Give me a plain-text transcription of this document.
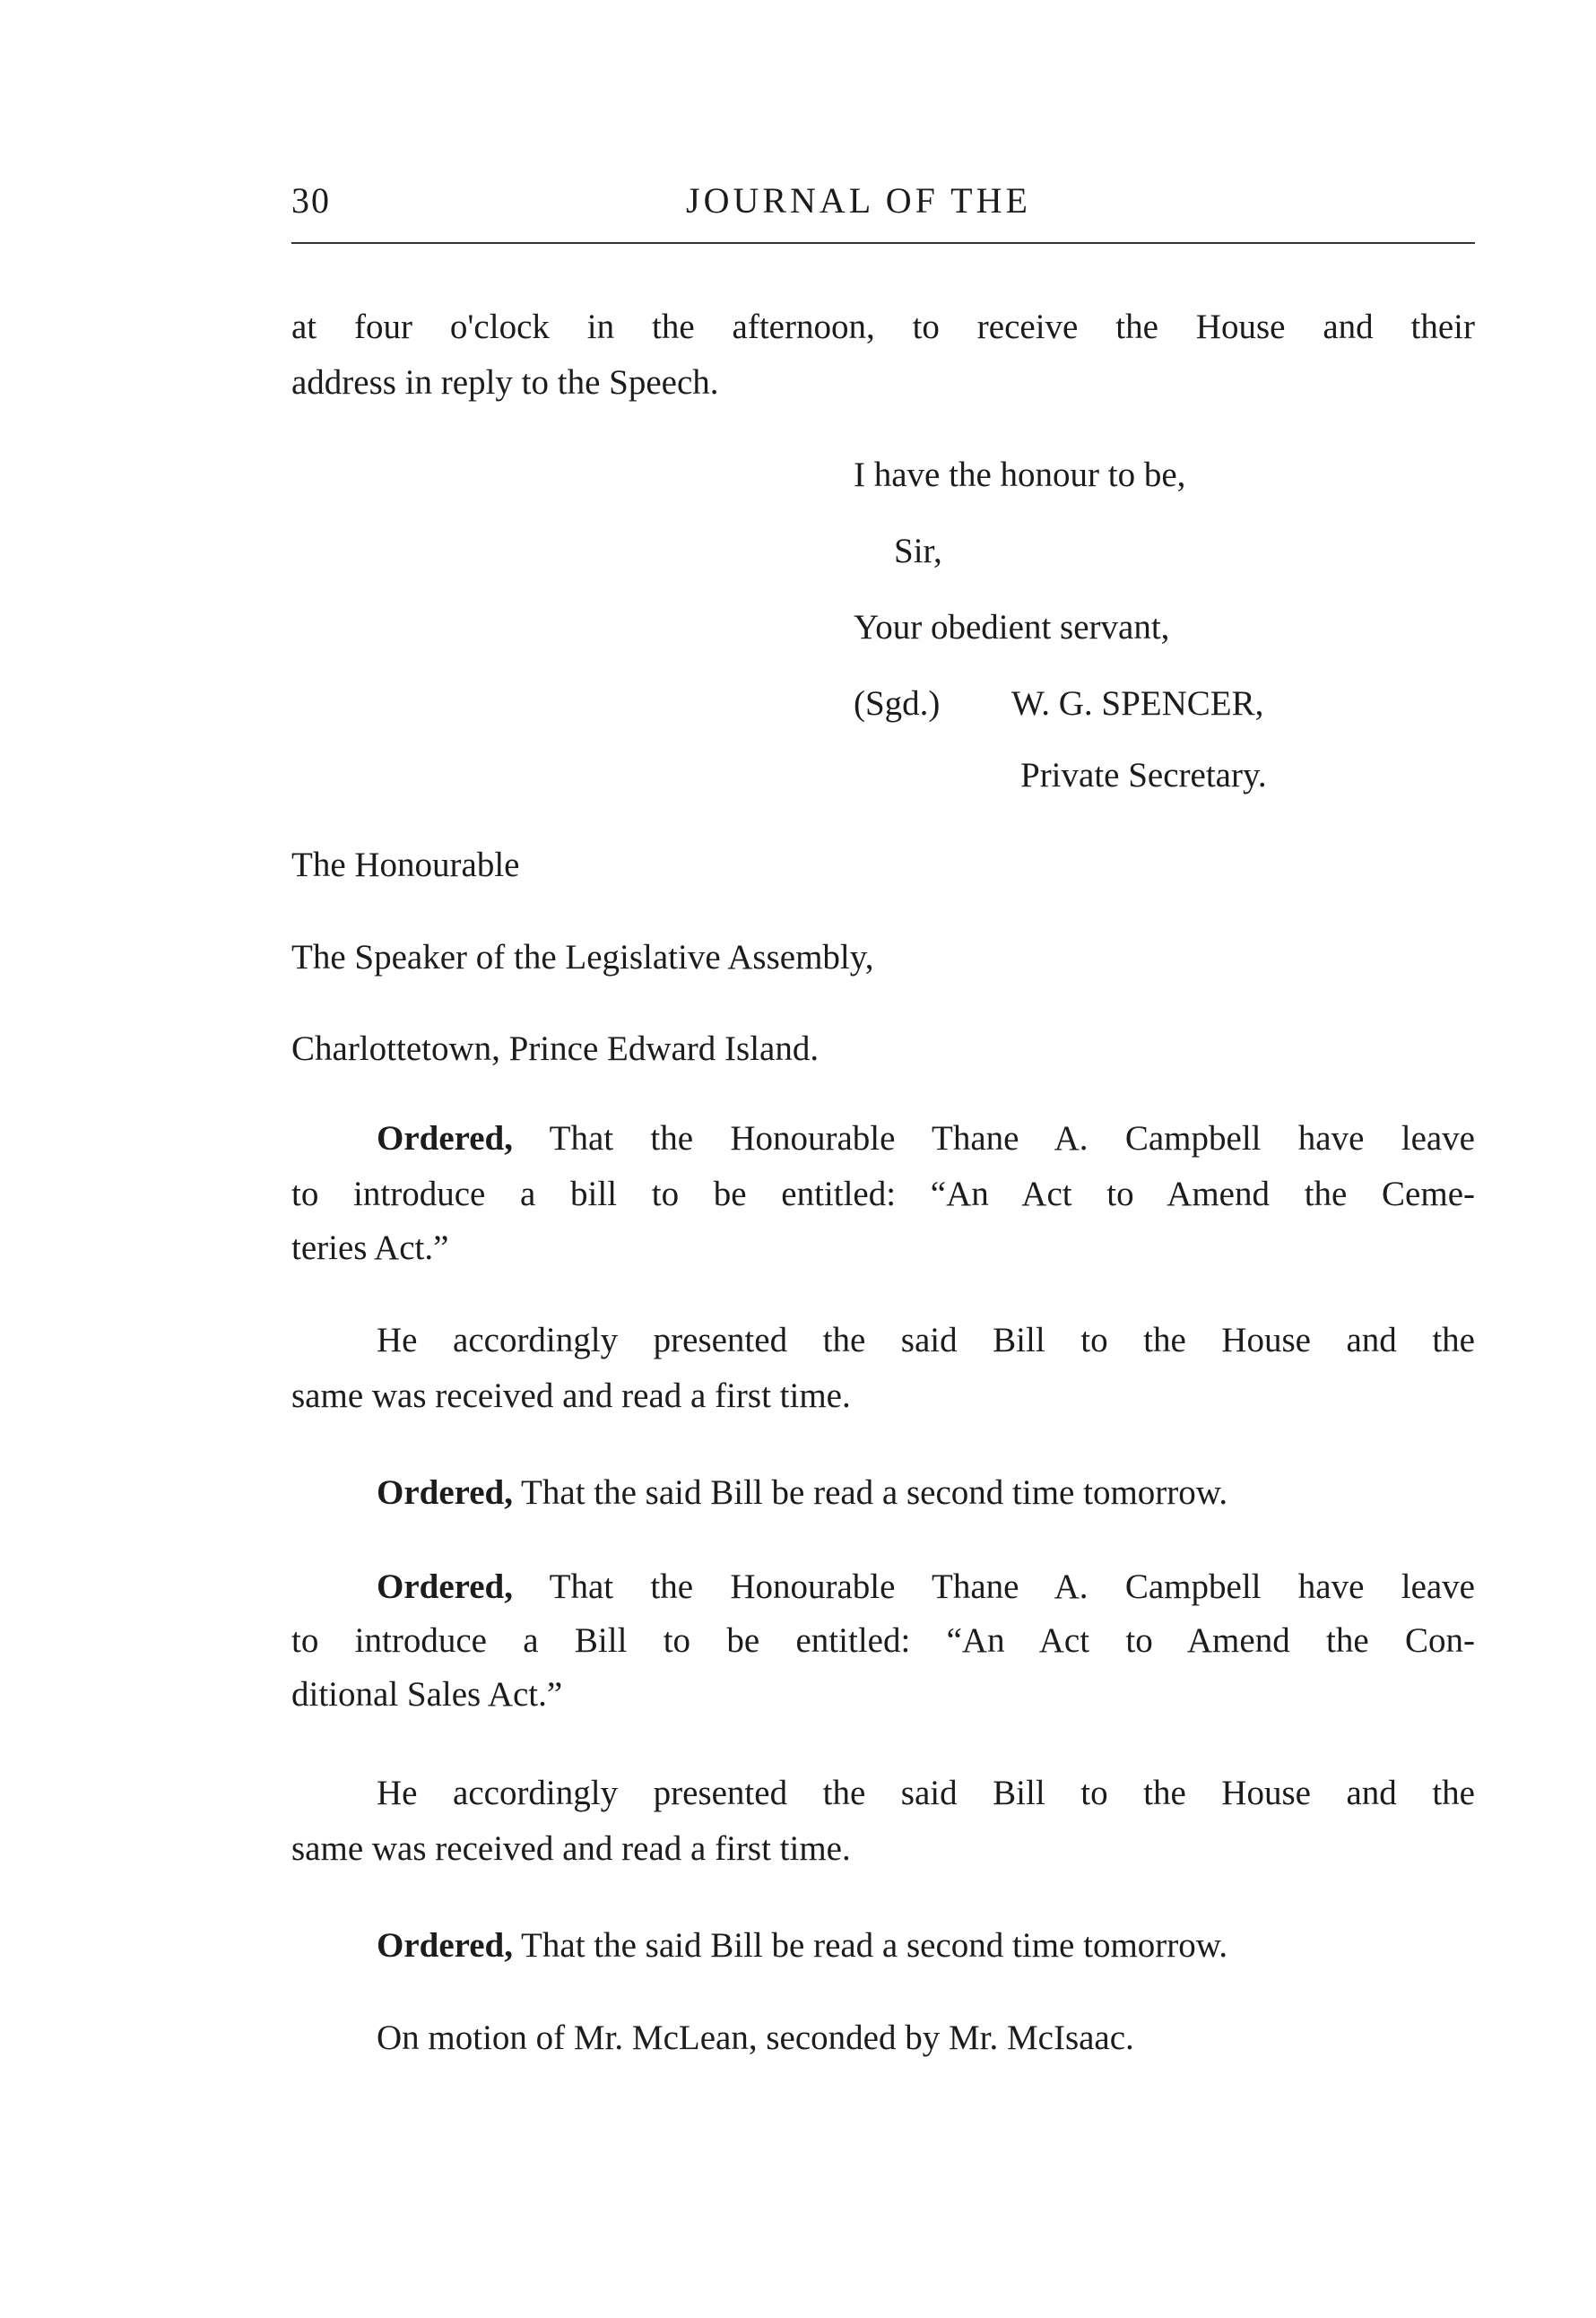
30	JOURNAL OF THE
at four o'clock in the afternoon, to receive the House and their
address in reply to the Speech.
I have the honour to be,
Sir,
Your obedient servant,
(Sgd.) W. G. SPENCER,
Private Secretary.
The Honourable
The Speaker of the Legislative Assembly,
Charlottetown, Prince Edward Island.
Ordered, That the Honourable Thane A. Campbell have leave
to introduce a bill to be entitled: “An Act to Amend the Ceme-
teries Act.”
He accordingly presented the said Bill to the House and the
same was received and read a first time.
Ordered, That the said Bill be read a second time tomorrow.
Ordered, That the Honourable Thane A. Campbell have leave
to introduce a Bill to be entitled: “An Act to Amend the Con-
ditional Sales Act.”
He accordingly presented the said Bill to the House and the
same was received and read a first time.
Ordered, That the said Bill be read a second time tomorrow.
On motion of Mr. McLean, seconded by Mr. McIsaac.
